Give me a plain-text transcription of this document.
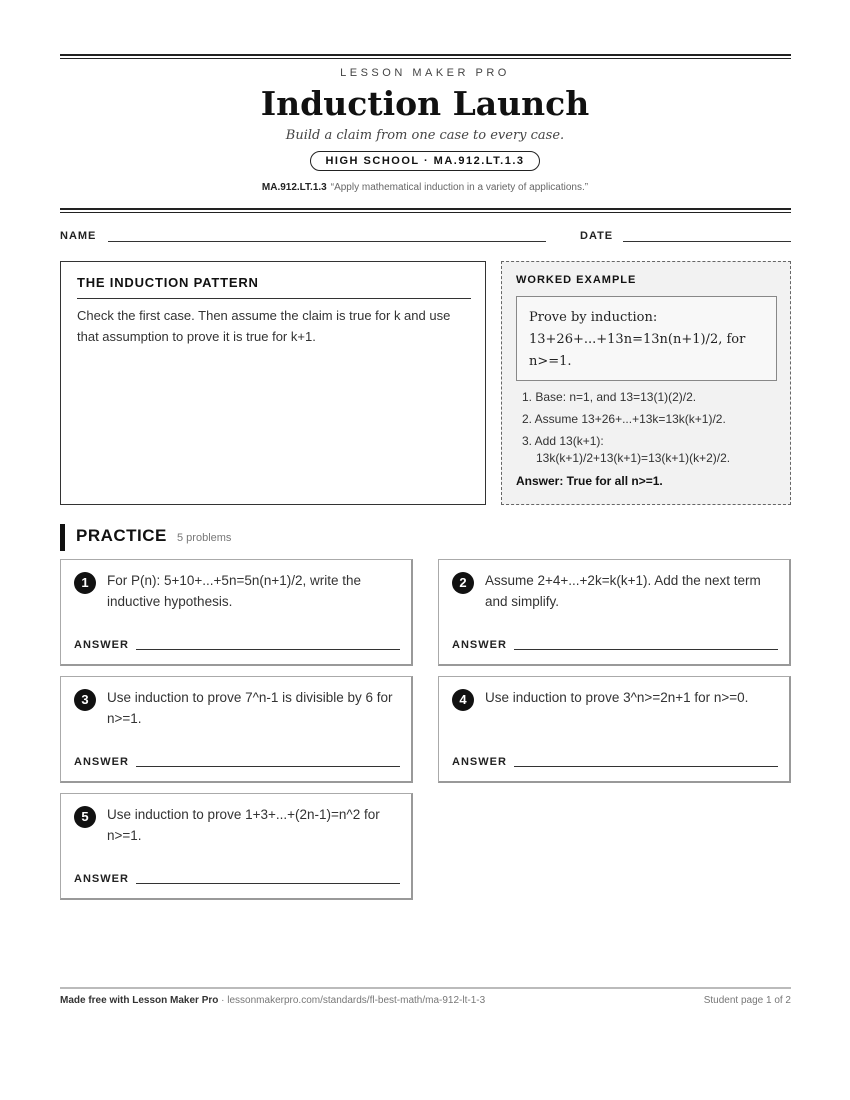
LESSON MAKER PRO
Induction Launch
Build a claim from one case to every case.
HIGH SCHOOL · MA.912.LT.1.3
MA.912.LT.1.3 “Apply mathematical induction in a variety of applications.”
NAME	DATE
THE INDUCTION PATTERN
Check the first case. Then assume the claim is true for k and use that assumption to prove it is true for k+1.
WORKED EXAMPLE
Prove by induction: 13+26+...+13n=13n(n+1)/2, for n>=1.
1. Base: n=1, and 13=13(1)(2)/2.
2. Assume 13+26+...+13k=13k(k+1)/2.
3. Add 13(k+1):
13k(k+1)/2+13(k+1)=13(k+1)(k+2)/2.
Answer: True for all n>=1.
PRACTICE 5 problems
1	For P(n): 5+10+...+5n=5n(n+1)/2, write the inductive hypothesis.
ANSWER
2	Assume 2+4+...+2k=k(k+1). Add the next term and simplify.
ANSWER
3	Use induction to prove 7^n-1 is divisible by 6 for n>=1.
ANSWER
4	Use induction to prove 3^n>=2n+1 for n>=0.
ANSWER
5	Use induction to prove 1+3+...+(2n-1)=n^2 for n>=1.
ANSWER
Made free with Lesson Maker Pro · lessonmakerpro.com/standards/fl-best-math/ma-912-lt-1-3	Student page 1 of 2
